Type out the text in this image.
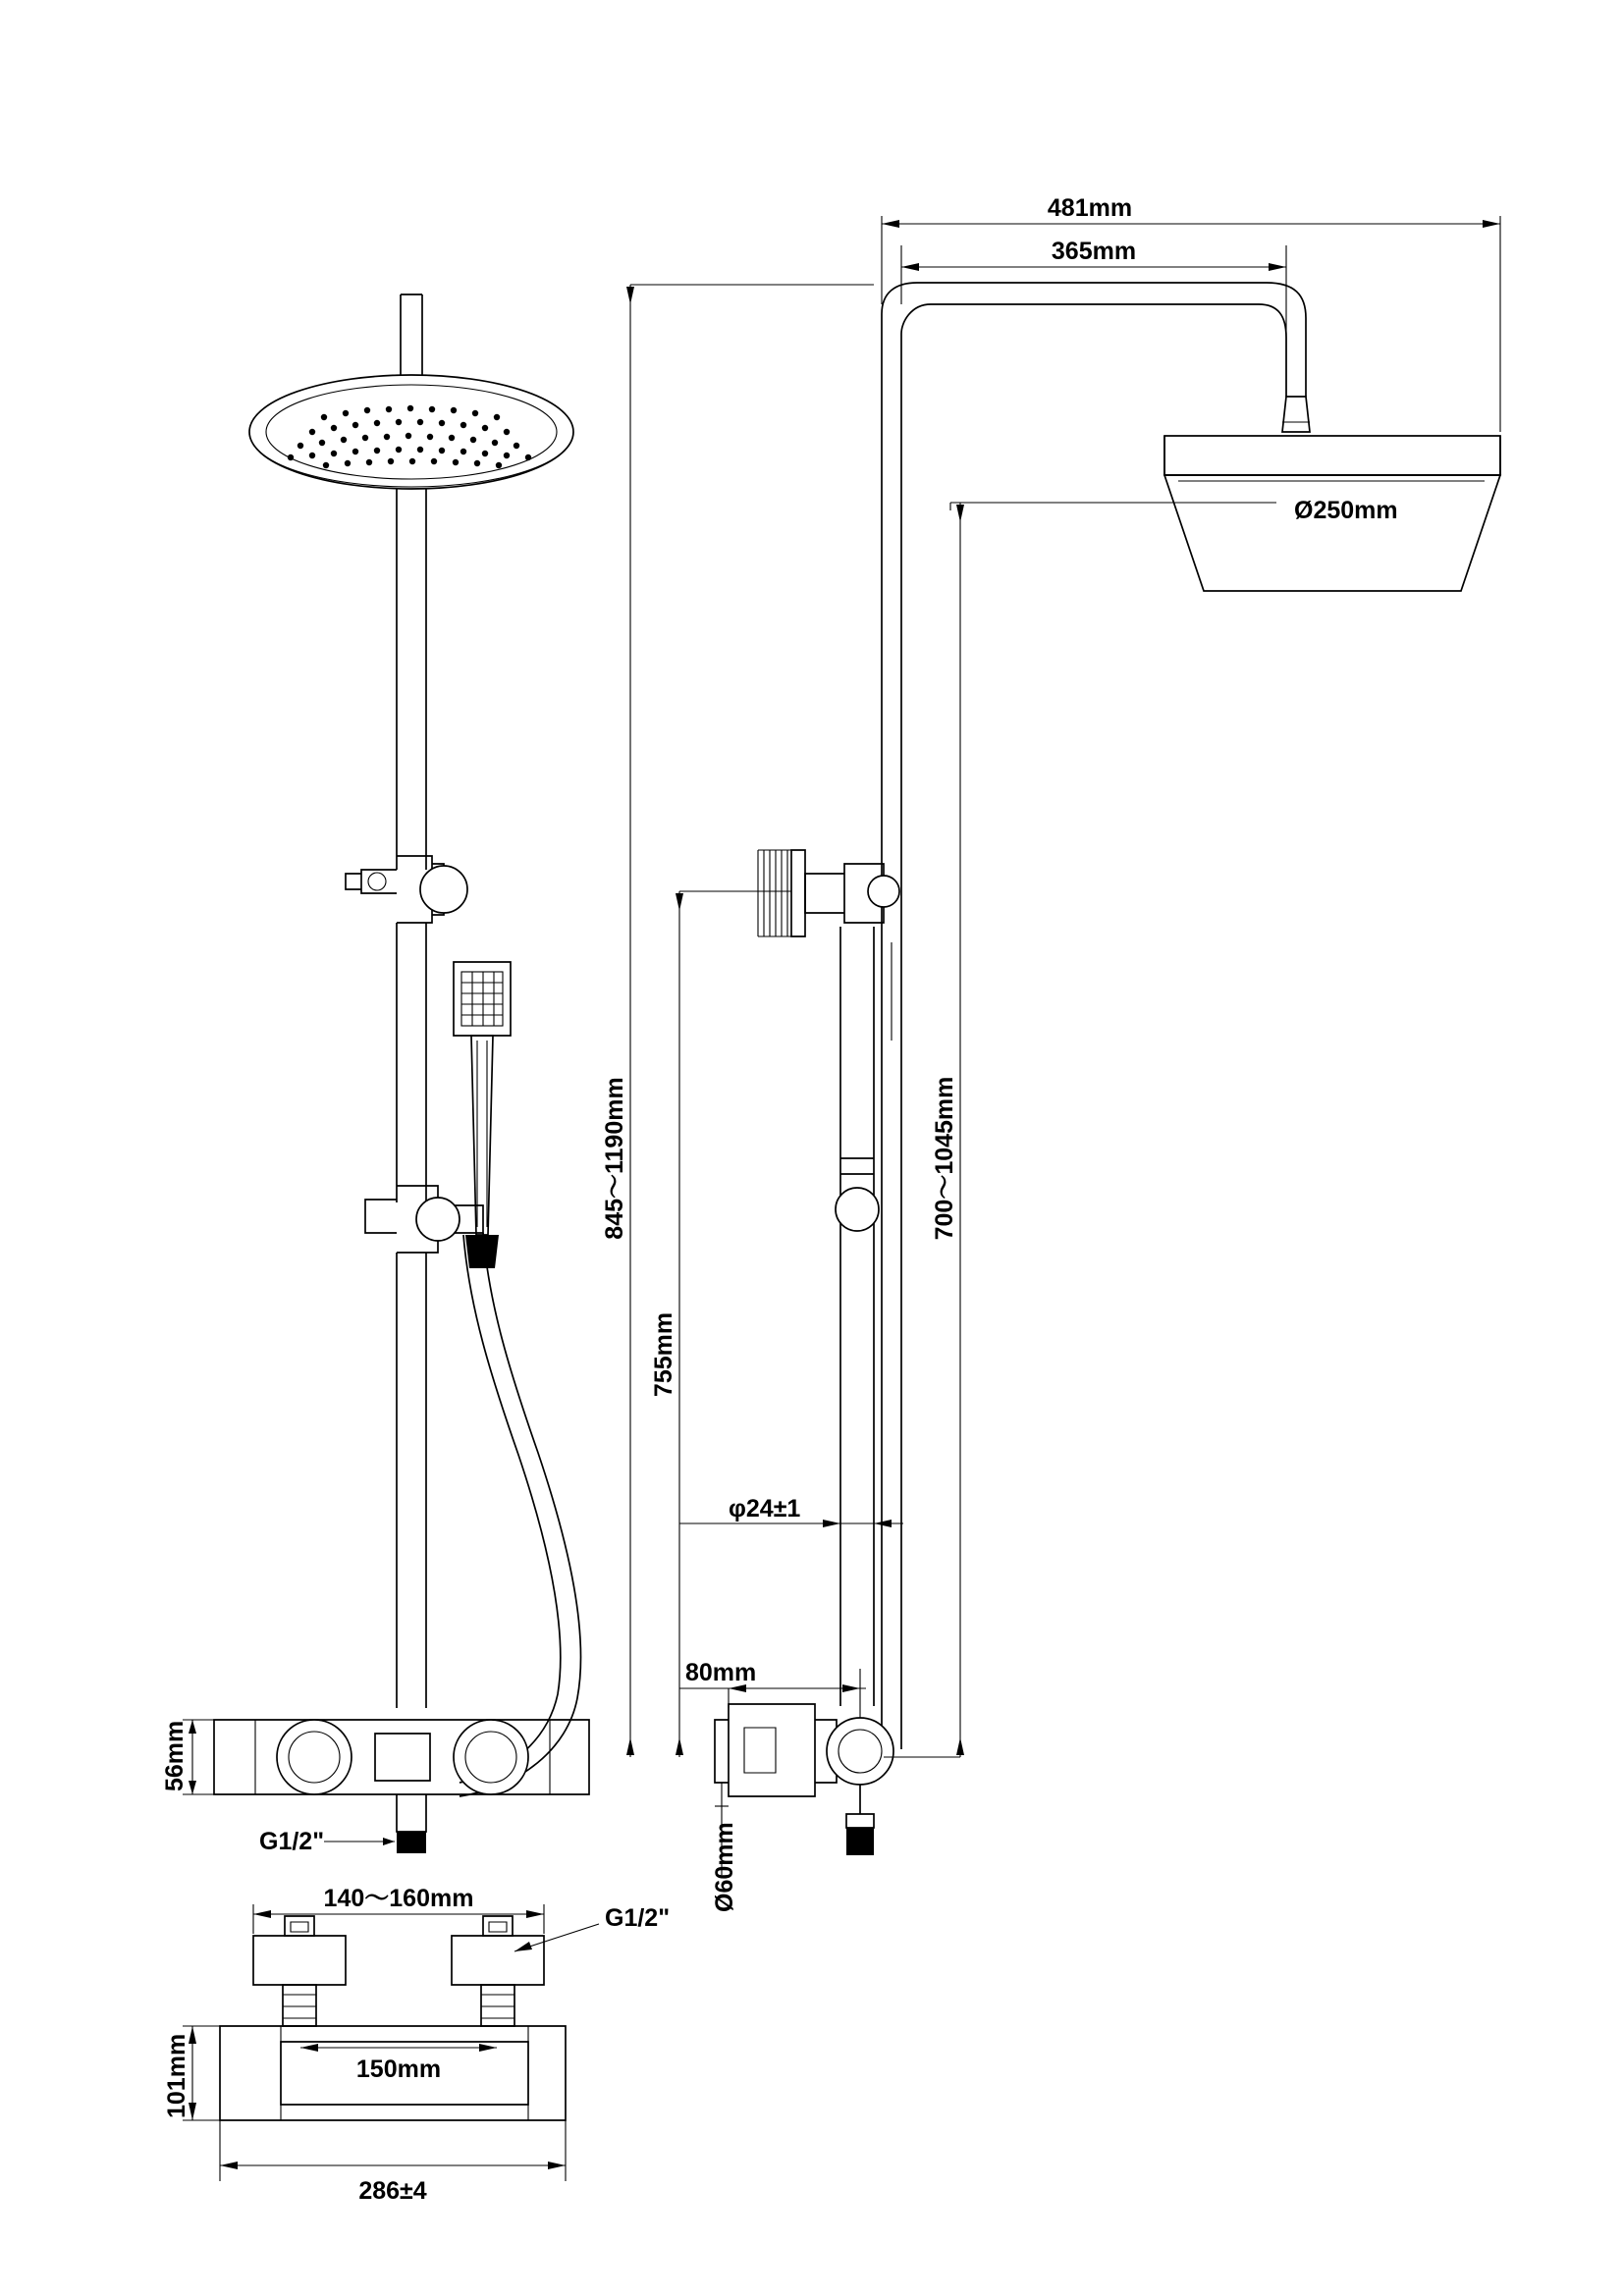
56mm
G1/2"
481mm
365mm
Ø250mm
845～1190mm	700～1045mm
755mm
φ24±1
80mm
Ø60mm
140～160mm
G1/2"
150mm
101mm
286±4
